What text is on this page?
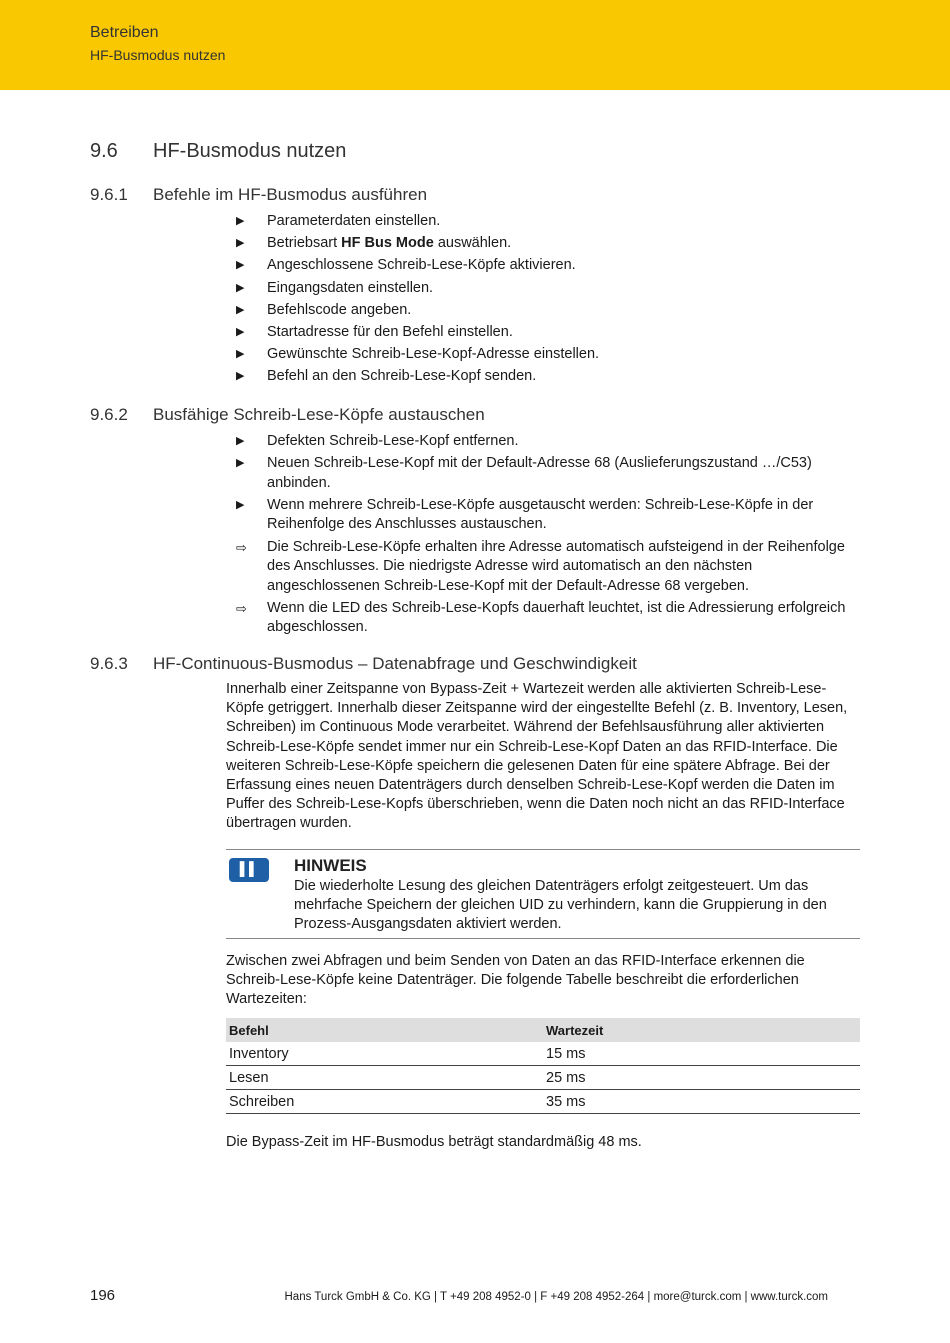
Betreiben
HF-Busmodus nutzen
9.6 HF-Busmodus nutzen
9.6.1 Befehle im HF-Busmodus ausführen
▶	Parameterdaten einstellen.
▶	Betriebsart HF Bus Mode auswählen.
▶	Angeschlossene Schreib-Lese-Köpfe aktivieren.
▶	Eingangsdaten einstellen.
▶	Befehlscode angeben.
▶	Startadresse für den Befehl einstellen.
▶	Gewünschte Schreib-Lese-Kopf-Adresse einstellen.
▶	Befehl an den Schreib-Lese-Kopf senden.
9.6.2 Busfähige Schreib-Lese-Köpfe austauschen
▶	Defekten Schreib-Lese-Kopf entfernen.
▶	Neuen Schreib-Lese-Kopf mit der Default-Adresse 68 (Auslieferungszustand …/C53) anbinden.
▶	Wenn mehrere Schreib-Lese-Köpfe ausgetauscht werden: Schreib-Lese-Köpfe in der Reihenfolge des Anschlusses austauschen.
⇨ Die Schreib-Lese-Köpfe erhalten ihre Adresse automatisch aufsteigend in der Reihenfolge des Anschlusses. Die niedrigste Adresse wird automatisch an den nächsten angeschlossenen Schreib-Lese-Kopf mit der Default-Adresse 68 vergeben.
⇨ Wenn die LED des Schreib-Lese-Kopfs dauerhaft leuchtet, ist die Adressierung erfolgreich abgeschlossen.
9.6.3 HF-Continuous-Busmodus – Datenabfrage und Geschwindigkeit

Innerhalb einer Zeitspanne von Bypass-Zeit + Wartezeit werden alle aktivierten Schreib-Lese-Köpfe getriggert. Innerhalb dieser Zeitspanne wird der eingestellte Befehl (z. B. Inventory, Lesen, Schreiben) im Continuous Mode verarbeitet. Während der Befehlsausführung aller aktivierten Schreib-Lese-Köpfe sendet immer nur ein Schreib-Lese-Kopf Daten an das RFID-Interface. Die weiteren Schreib-Lese-Köpfe speichern die gelesenen Daten für eine spätere Abfrage. Bei der Erfassung eines neuen Datenträgers durch denselben Schreib-Lese-Kopf werden die Daten im Puffer des Schreib-Lese-Kopfs überschrieben, wenn die Daten noch nicht an das RFID-Interface übertragen wurden.

▌▌	HINWEIS
Die wiederholte Lesung des gleichen Datenträgers erfolgt zeitgesteuert. Um das mehrfache Speichern der gleichen UID zu verhindern, kann die Gruppierung in den Prozess-Ausgangsdaten aktiviert werden.

Zwischen zwei Abfragen und beim Senden von Daten an das RFID-Interface erkennen die Schreib-Lese-Köpfe keine Datenträger. Die folgende Tabelle beschreibt die erforderlichen Wartezeiten:

Befehl	Wartezeit
Inventory	15 ms
Lesen	25 ms
Schreiben	35 ms

Die Bypass-Zeit im HF-Busmodus beträgt standardmäßig 48 ms.

196	Hans Turck GmbH & Co. KG | T +49 208 4952-0 | F +49 208 4952-264 | more@turck.com | www.turck.com
